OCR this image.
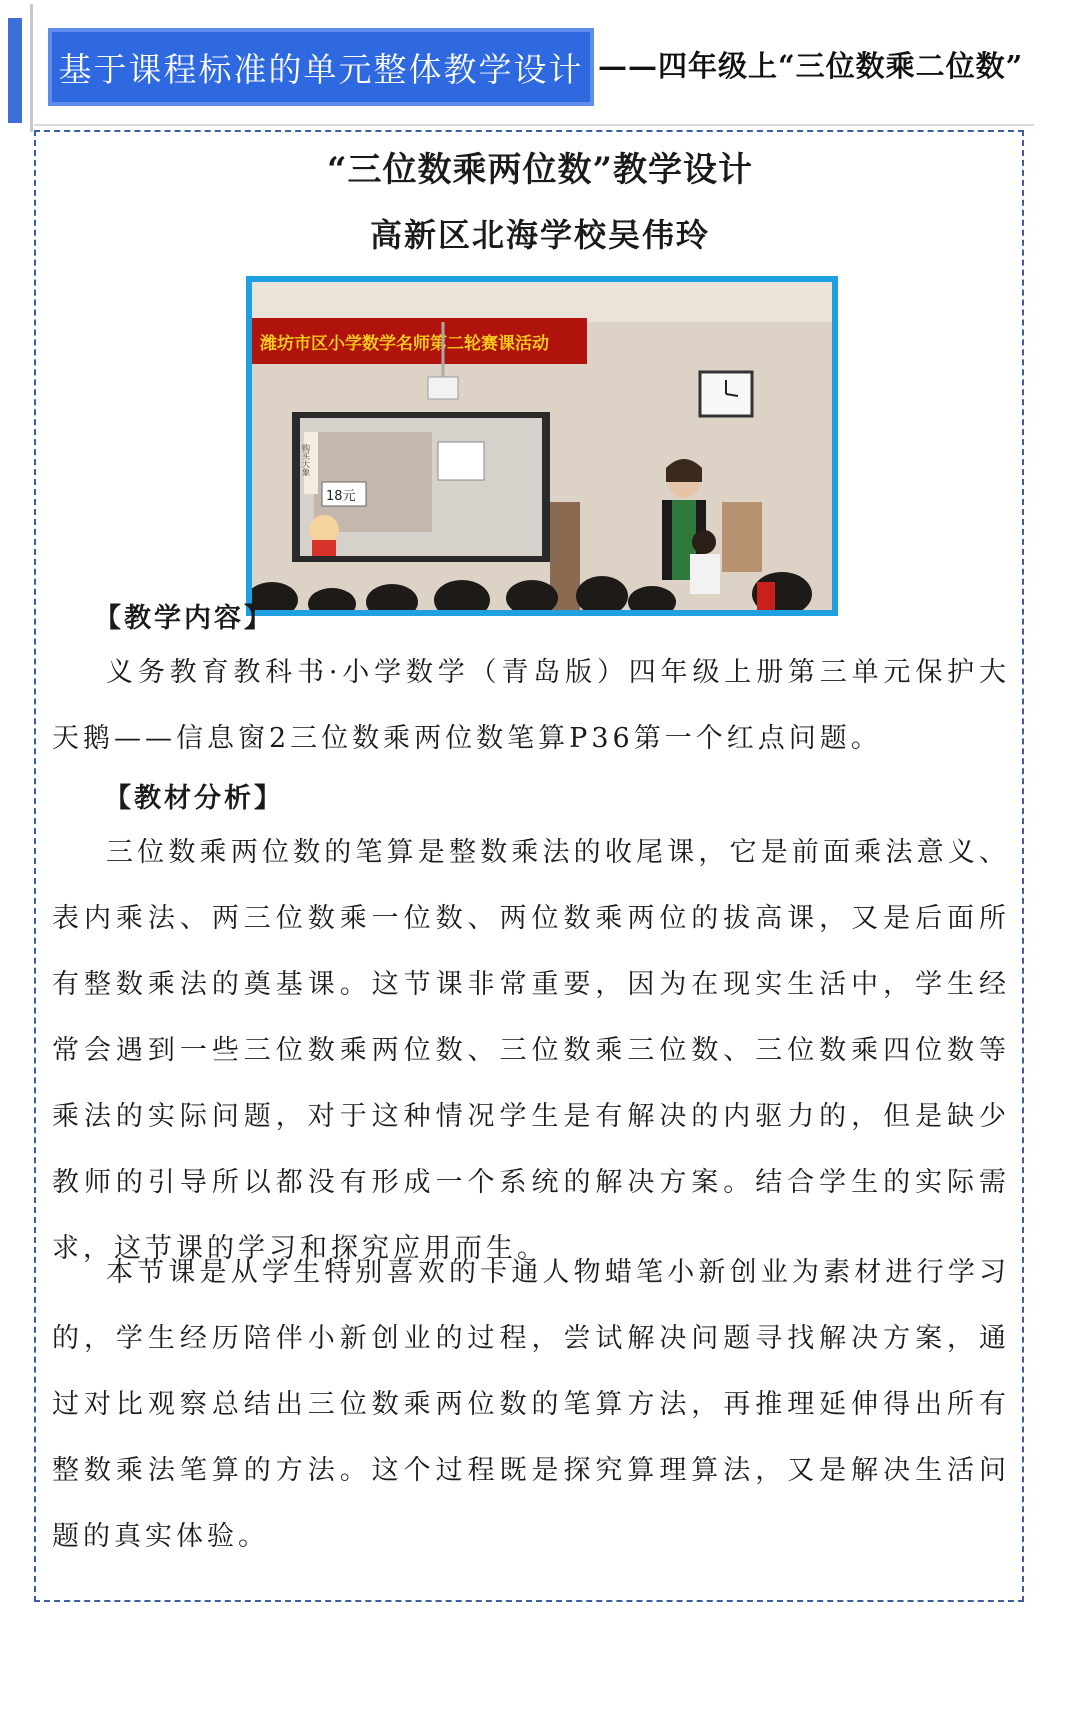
基于课程标准的单元整体教学设计 ——四年级上“三位数乘二位数”
“三位数乘两位数”教学设计
高新区北海学校吴伟玲
潍坊市区小学数学名师第二轮赛课活动
18元
购买大象
【教学内容】
义务教育教科书·小学数学（青岛版）四年级上册第三单元保护大天鹅——信息窗2三位数乘两位数笔算P36第一个红点问题。
【教材分析】
三位数乘两位数的笔算是整数乘法的收尾课，它是前面乘法意义、表内乘法、两三位数乘一位数、两位数乘两位的拔高课，又是后面所有整数乘法的奠基课。这节课非常重要，因为在现实生活中，学生经常会遇到一些三位数乘两位数、三位数乘三位数、三位数乘四位数等乘法的实际问题，对于这种情况学生是有解决的内驱力的，但是缺少教师的引导所以都没有形成一个系统的解决方案。结合学生的实际需求，这节课的学习和探究应用而生。
本节课是从学生特别喜欢的卡通人物蜡笔小新创业为素材进行学习的，学生经历陪伴小新创业的过程，尝试解决问题寻找解决方案，通过对比观察总结出三位数乘两位数的笔算方法，再推理延伸得出所有整数乘法笔算的方法。这个过程既是探究算理算法，又是解决生活问题的真实体验。
